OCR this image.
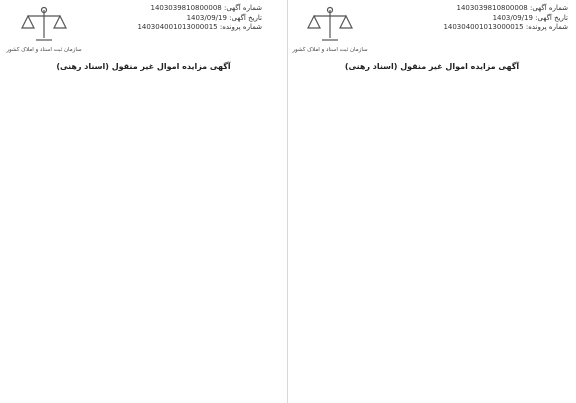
سازمان ثبت اسناد و املاک کشور
شماره آگهی: 1403039810800008
تاریخ آگهی: 1403/09/19
شماره پرونده: 140304001013000015
آگهی مزایده اموال غیر منقول (اسناد رهنی)
سازمان ثبت اسناد و املاک کشور
شماره آگهی: 1403039810800008
تاریخ آگهی: 1403/09/19
شماره پرونده: 140304001013000015
آگهی مزایده اموال غیر منقول (اسناد رهنی)
